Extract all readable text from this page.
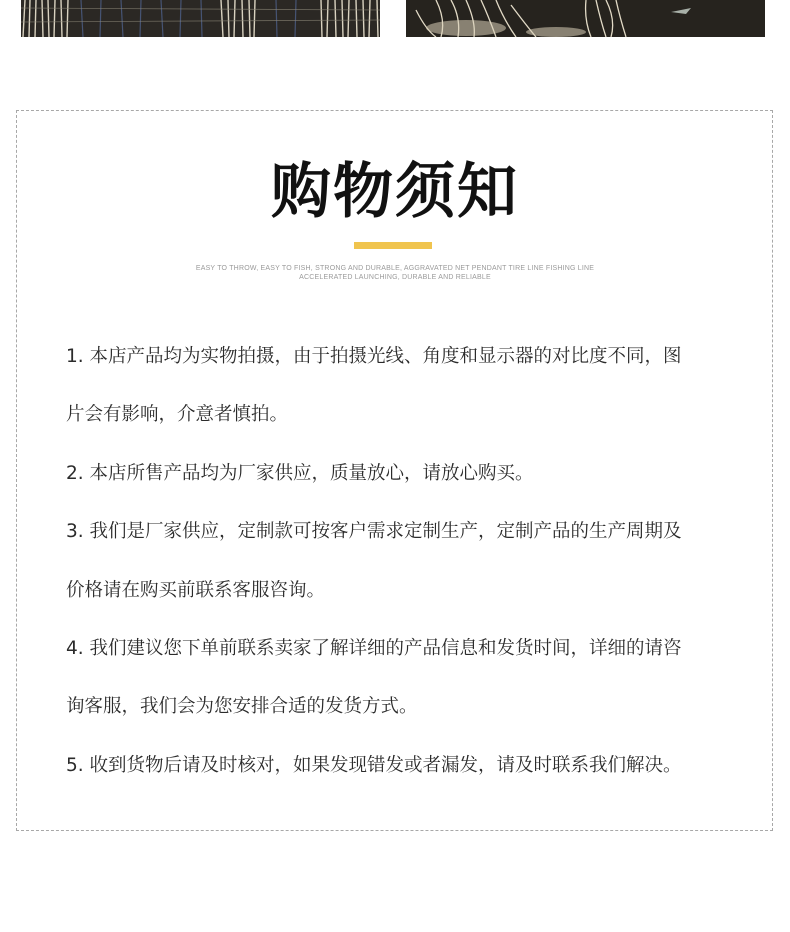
购物须知
EASY TO THROW, EASY TO FISH, STRONG AND DURABLE, AGGRAVATED NET PENDANT TIRE LINE FISHING LINE
ACCELERATED LAUNCHING, DURABLE AND RELIABLE
1. 本店产品均为实物拍摄，由于拍摄光线、角度和显示器的对比度不同，图
片会有影响，介意者慎拍。
2. 本店所售产品均为厂家供应，质量放心，请放心购买。
3. 我们是厂家供应，定制款可按客户需求定制生产，定制产品的生产周期及
价格请在购买前联系客服咨询。
4. 我们建议您下单前联系卖家了解详细的产品信息和发货时间，详细的请咨
询客服，我们会为您安排合适的发货方式。
5. 收到货物后请及时核对，如果发现错发或者漏发，请及时联系我们解决。
